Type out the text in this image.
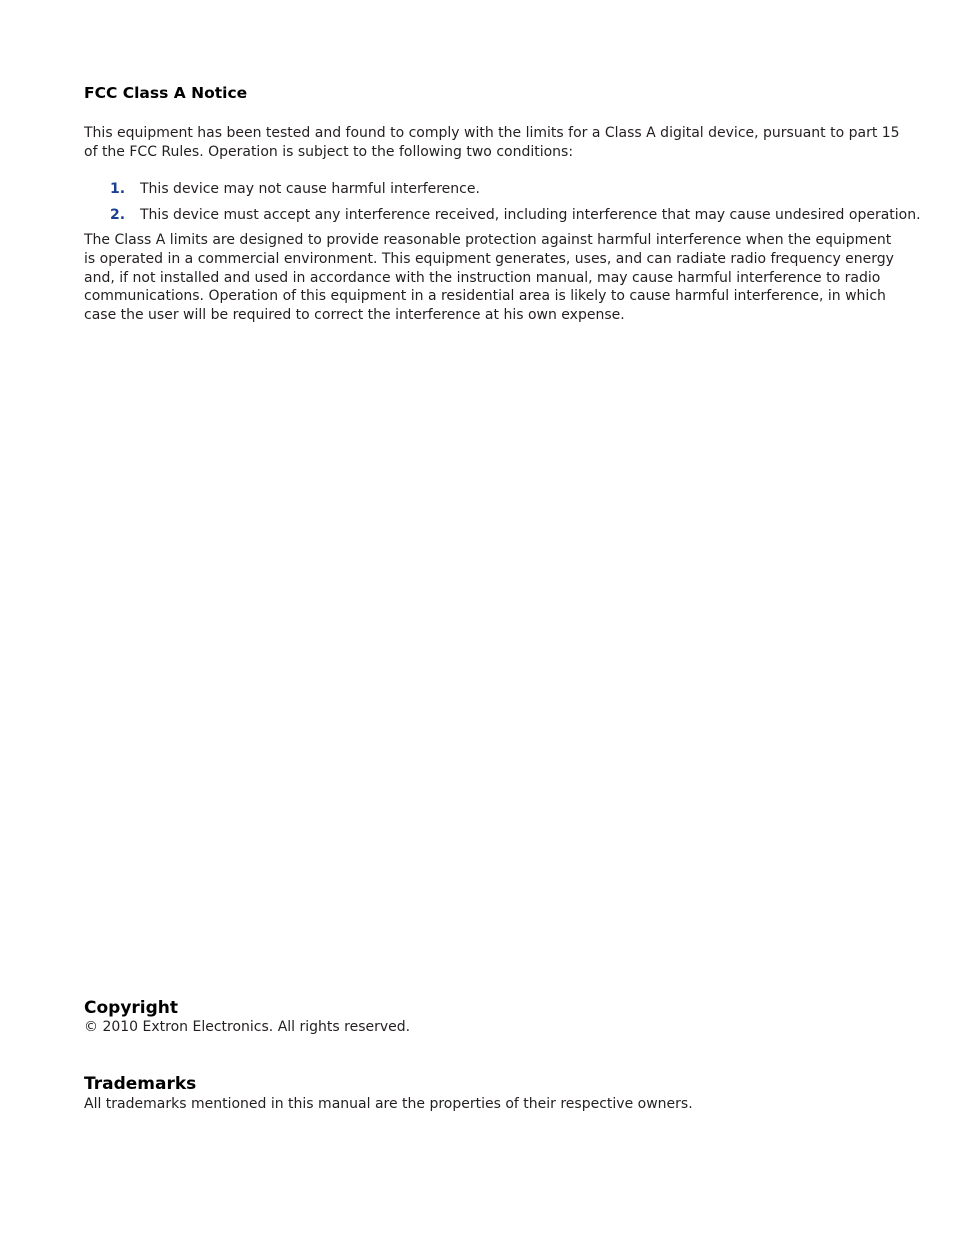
FCC Class A Notice
This equipment has been tested and found to comply with the limits for a Class A digital device, pursuant to part 15
of the FCC Rules. Operation is subject to the following two conditions:
1.	This device may not cause harmful interference.
2.	This device must accept any interference received, including interference that may cause undesired operation.
The Class A limits are designed to provide reasonable protection against harmful interference when the equipment
is operated in a commercial environment. This equipment generates, uses, and can radiate radio frequency energy
and, if not installed and used in accordance with the instruction manual, may cause harmful interference to radio
communications. Operation of this equipment in a residential area is likely to cause harmful interference, in which
case the user will be required to correct the interference at his own expense.
Copyright
© 2010 Extron Electronics. All rights reserved.
Trademarks
All trademarks mentioned in this manual are the properties of their respective owners.
